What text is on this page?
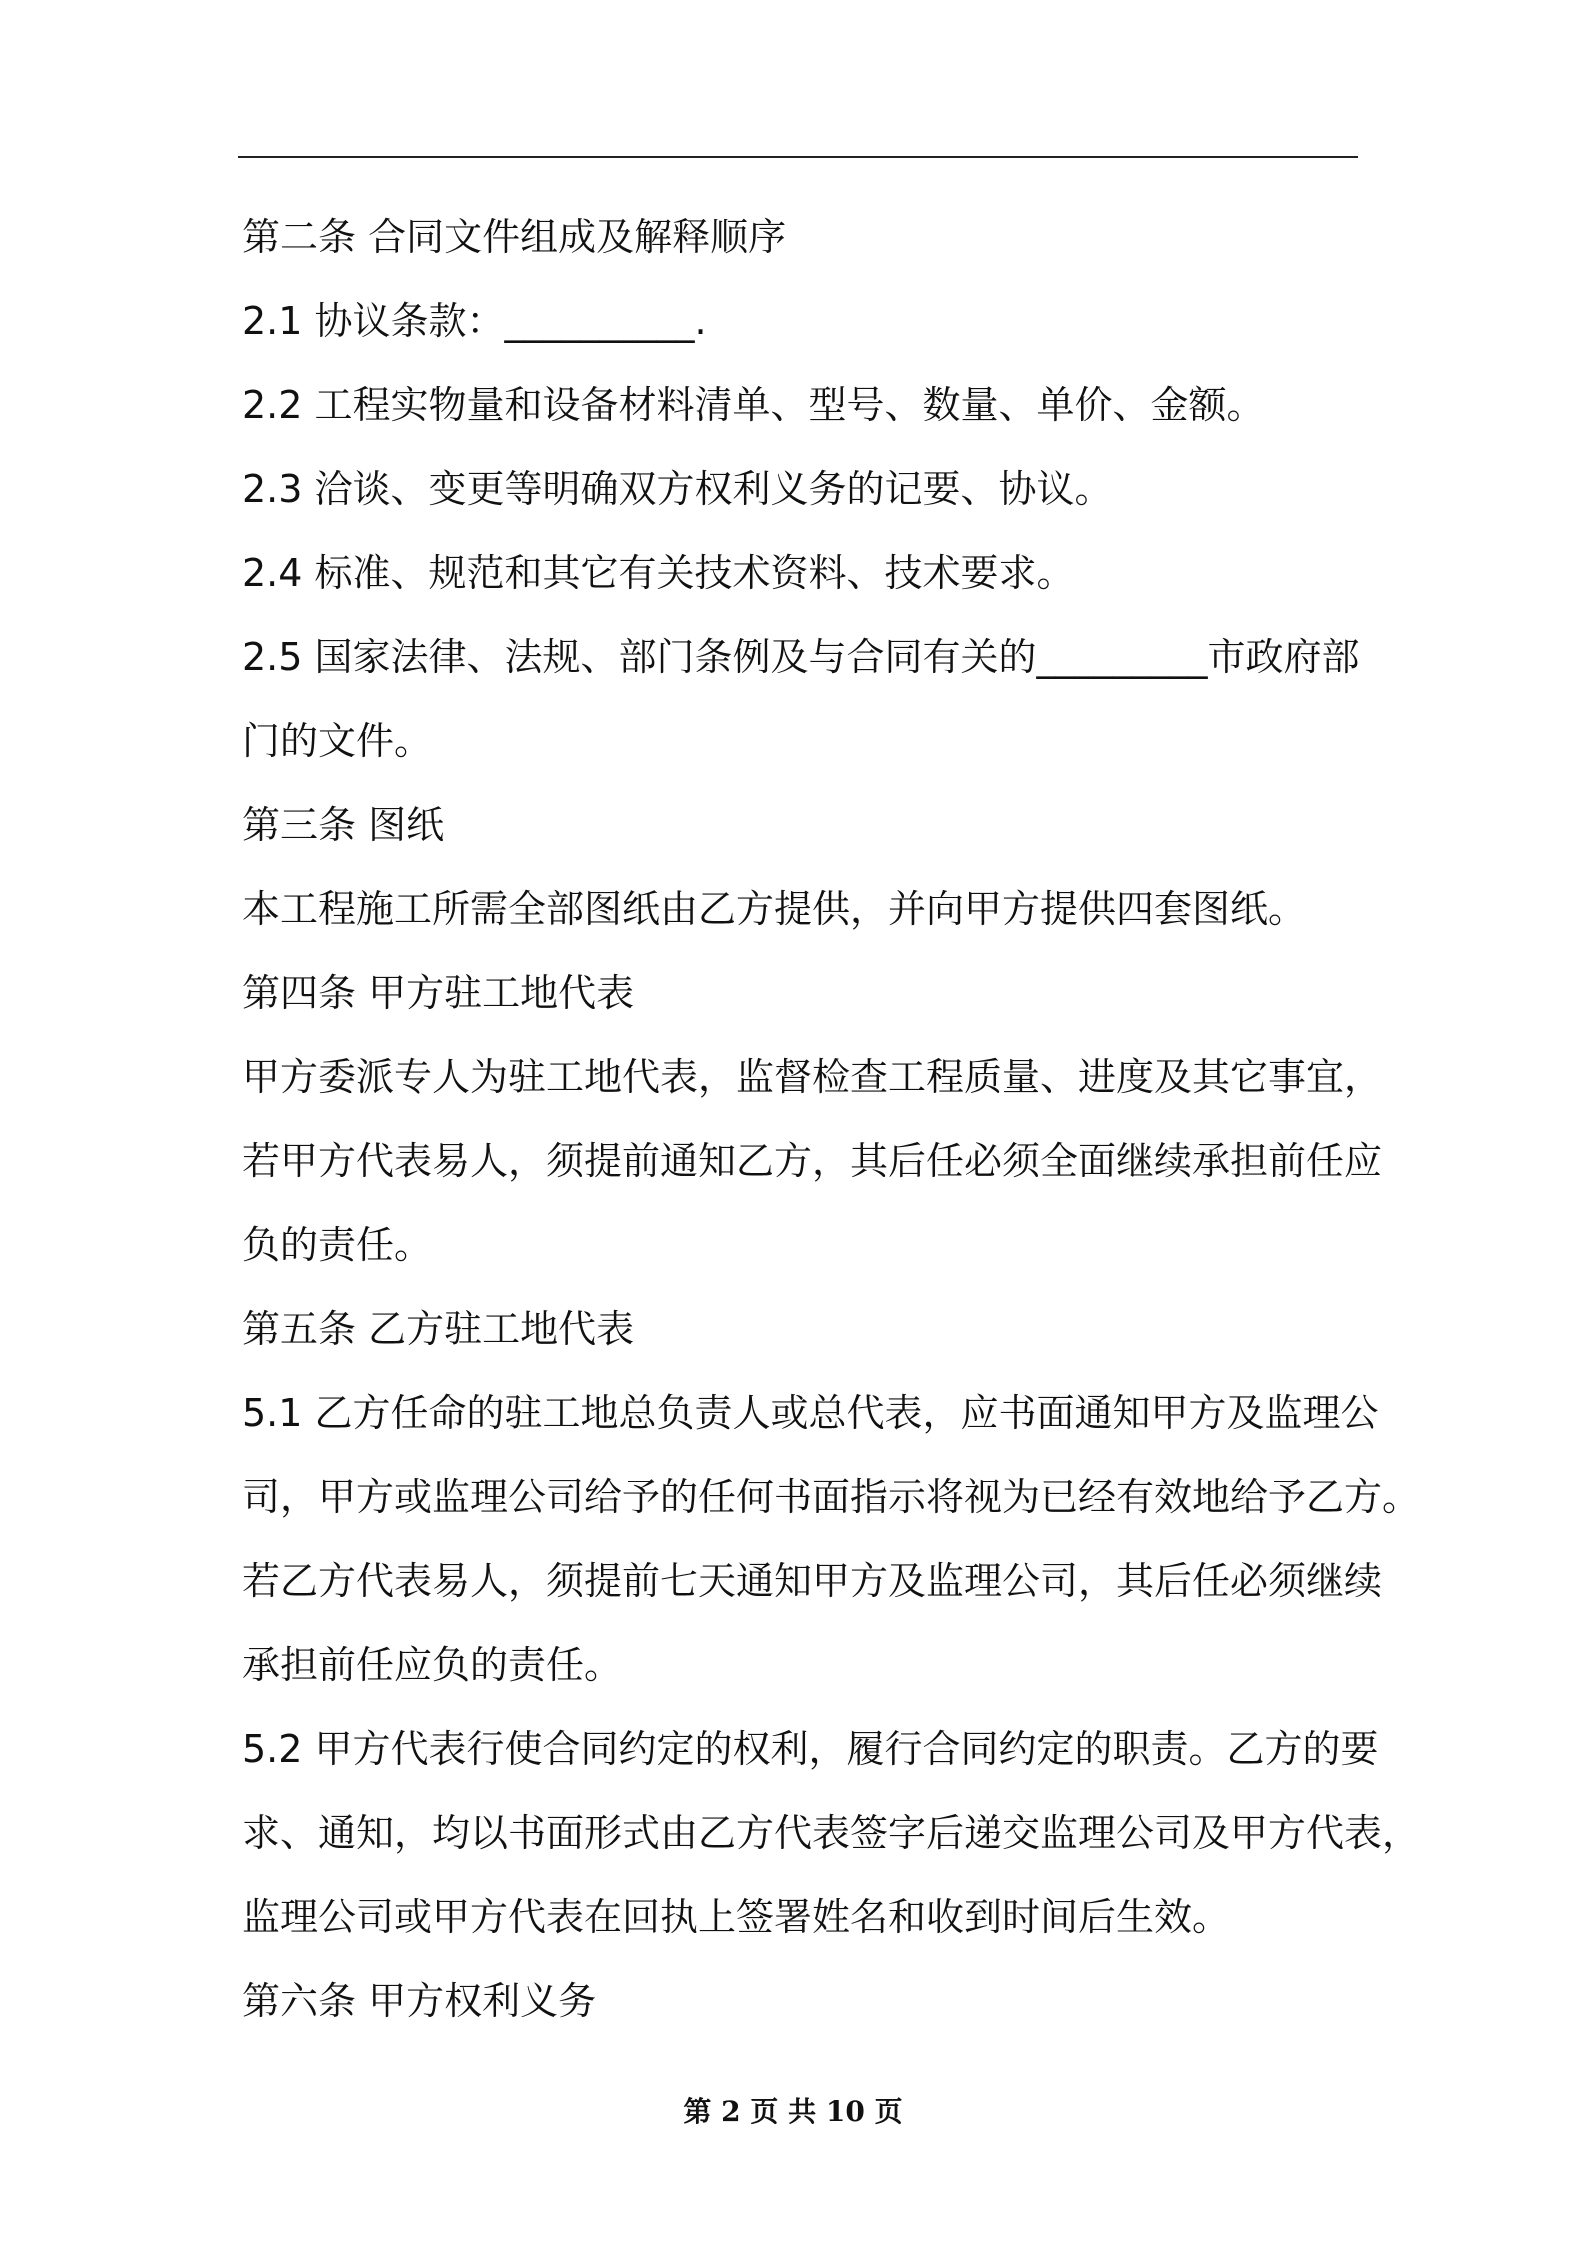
第二条 合同文件组成及解释顺序
2.1 协议条款：__________.
2.2 工程实物量和设备材料清单、型号、数量、单价、金额。
2.3 洽谈、变更等明确双方权利义务的记要、协议。
2.4 标准、规范和其它有关技术资料、技术要求。
2.5 国家法律、法规、部门条例及与合同有关的_________市政府部
门的文件。
第三条 图纸
本工程施工所需全部图纸由乙方提供，并向甲方提供四套图纸。
第四条 甲方驻工地代表
甲方委派专人为驻工地代表，监督检查工程质量、进度及其它事宜，
若甲方代表易人，须提前通知乙方，其后任必须全面继续承担前任应
负的责任。
第五条 乙方驻工地代表
5.1 乙方任命的驻工地总负责人或总代表，应书面通知甲方及监理公
司，甲方或监理公司给予的任何书面指示将视为已经有效地给予乙方。
若乙方代表易人，须提前七天通知甲方及监理公司，其后任必须继续
承担前任应负的责任。
5.2 甲方代表行使合同约定的权利，履行合同约定的职责。乙方的要
求、通知，均以书面形式由乙方代表签字后递交监理公司及甲方代表，
监理公司或甲方代表在回执上签署姓名和收到时间后生效。
第六条 甲方权利义务
第 2 页 共 10 页
